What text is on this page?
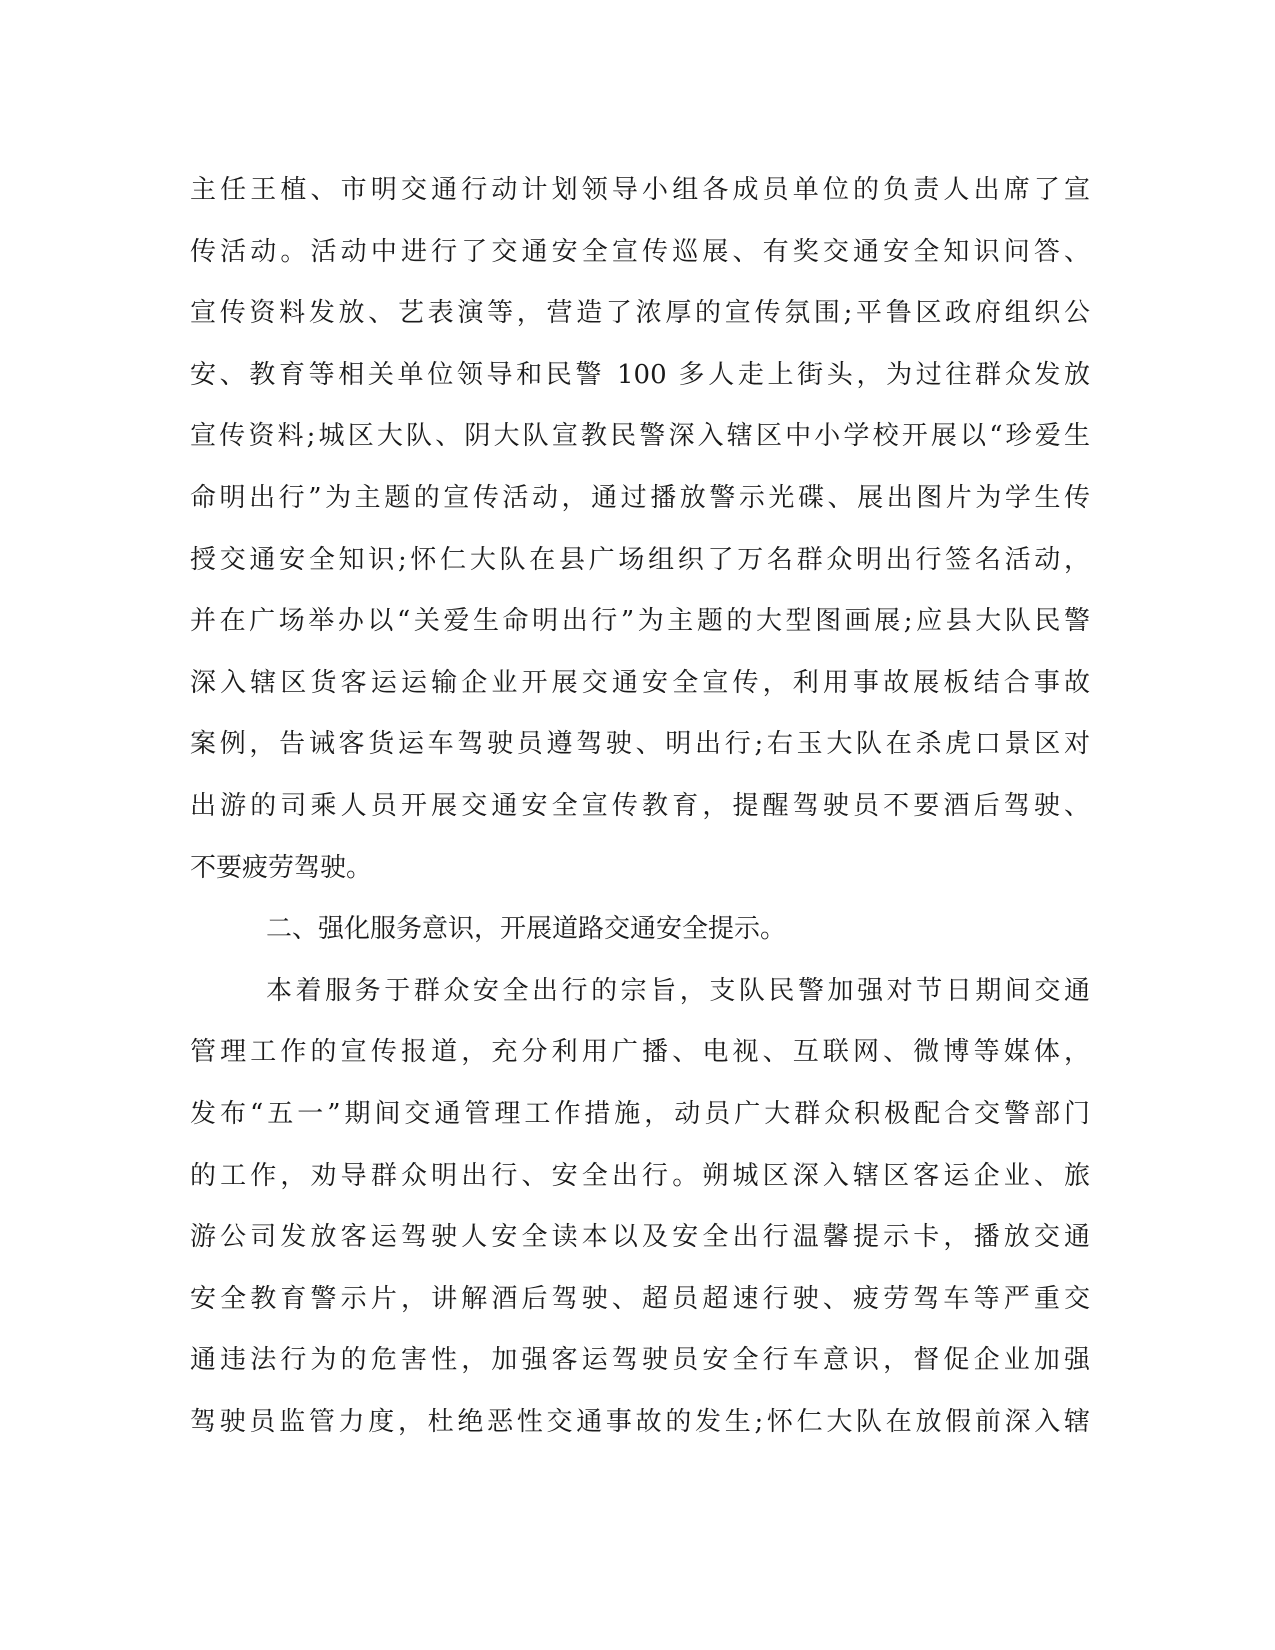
主任王植、市明交通行动计划领导小组各成员单位的负责人出席了宣
传活动。活动中进行了交通安全宣传巡展、有奖交通安全知识问答、
宣传资料发放、艺表演等，营造了浓厚的宣传氛围;平鲁区政府组织公
安、教育等相关单位领导和民警 100 多人走上街头，为过往群众发放
宣传资料;城区大队、阴大队宣教民警深入辖区中小学校开展以“珍爱生
命明出行”为主题的宣传活动，通过播放警示光碟、展出图片为学生传
授交通安全知识;怀仁大队在县广场组织了万名群众明出行签名活动，
并在广场举办以“关爱生命明出行”为主题的大型图画展;应县大队民警
深入辖区货客运运输企业开展交通安全宣传，利用事故展板结合事故
案例，告诫客货运车驾驶员遵驾驶、明出行;右玉大队在杀虎口景区对
出游的司乘人员开展交通安全宣传教育，提醒驾驶员不要酒后驾驶、
不要疲劳驾驶。
二、强化服务意识，开展道路交通安全提示。
本着服务于群众安全出行的宗旨，支队民警加强对节日期间交通
管理工作的宣传报道，充分利用广播、电视、互联网、微博等媒体，
发布“五一”期间交通管理工作措施，动员广大群众积极配合交警部门
的工作，劝导群众明出行、安全出行。朔城区深入辖区客运企业、旅
游公司发放客运驾驶人安全读本以及安全出行温馨提示卡，播放交通
安全教育警示片，讲解酒后驾驶、超员超速行驶、疲劳驾车等严重交
通违法行为的危害性，加强客运驾驶员安全行车意识，督促企业加强
驾驶员监管力度，杜绝恶性交通事故的发生;怀仁大队在放假前深入辖
